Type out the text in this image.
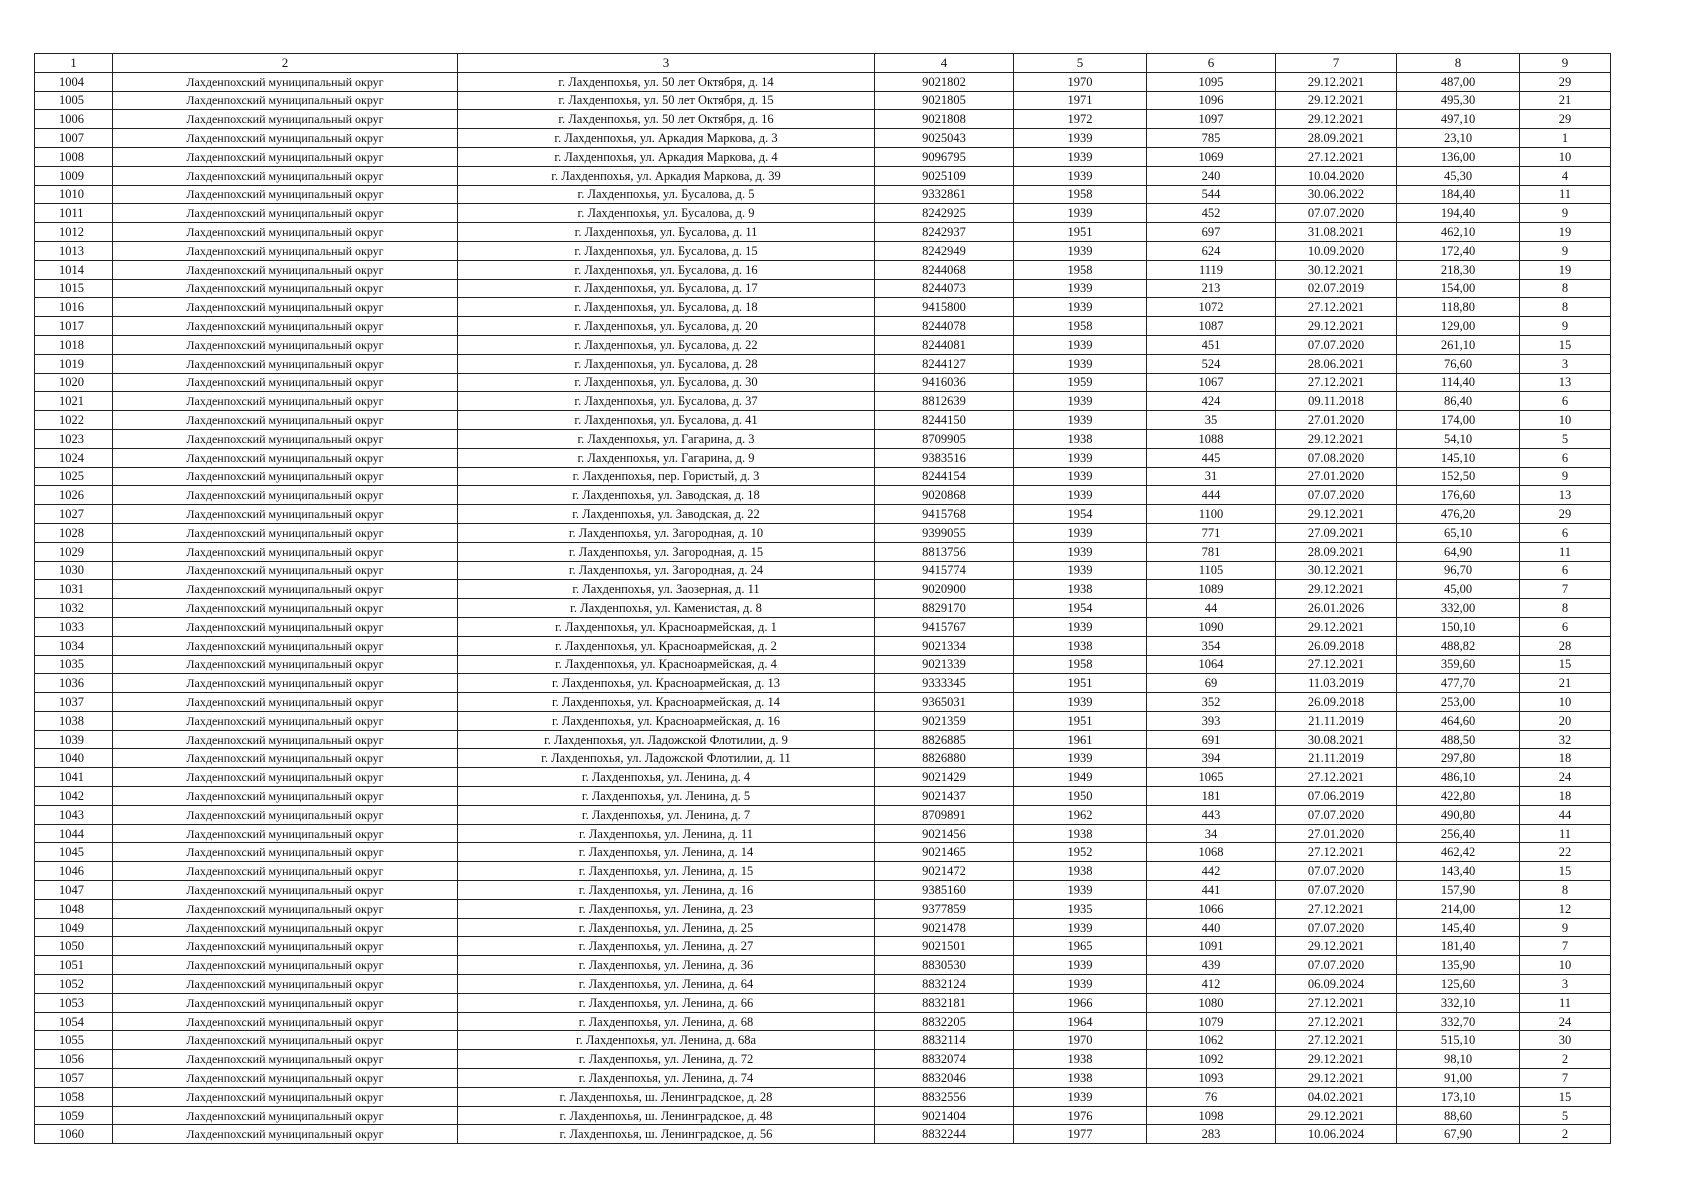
1	2	3	4	5	6	7	8	9
1004	Лахденпохский муниципальный округ	г. Лахденпохья, ул. 50 лет Октября, д. 14	9021802	1970	1095	29.12.2021	487,00	29
1005	Лахденпохский муниципальный округ	г. Лахденпохья, ул. 50 лет Октября, д. 15	9021805	1971	1096	29.12.2021	495,30	21
1006	Лахденпохский муниципальный округ	г. Лахденпохья, ул. 50 лет Октября, д. 16	9021808	1972	1097	29.12.2021	497,10	29
1007	Лахденпохский муниципальный округ	г. Лахденпохья, ул. Аркадия Маркова, д. 3	9025043	1939	785	28.09.2021	23,10	1
1008	Лахденпохский муниципальный округ	г. Лахденпохья, ул. Аркадия Маркова, д. 4	9096795	1939	1069	27.12.2021	136,00	10
1009	Лахденпохский муниципальный округ	г. Лахденпохья, ул. Аркадия Маркова, д. 39	9025109	1939	240	10.04.2020	45,30	4
1010	Лахденпохский муниципальный округ	г. Лахденпохья, ул. Бусалова, д. 5	9332861	1958	544	30.06.2022	184,40	11
1011	Лахденпохский муниципальный округ	г. Лахденпохья, ул. Бусалова, д. 9	8242925	1939	452	07.07.2020	194,40	9
1012	Лахденпохский муниципальный округ	г. Лахденпохья, ул. Бусалова, д. 11	8242937	1951	697	31.08.2021	462,10	19
1013	Лахденпохский муниципальный округ	г. Лахденпохья, ул. Бусалова, д. 15	8242949	1939	624	10.09.2020	172,40	9
1014	Лахденпохский муниципальный округ	г. Лахденпохья, ул. Бусалова, д. 16	8244068	1958	1119	30.12.2021	218,30	19
1015	Лахденпохский муниципальный округ	г. Лахденпохья, ул. Бусалова, д. 17	8244073	1939	213	02.07.2019	154,00	8
1016	Лахденпохский муниципальный округ	г. Лахденпохья, ул. Бусалова, д. 18	9415800	1939	1072	27.12.2021	118,80	8
1017	Лахденпохский муниципальный округ	г. Лахденпохья, ул. Бусалова, д. 20	8244078	1958	1087	29.12.2021	129,00	9
1018	Лахденпохский муниципальный округ	г. Лахденпохья, ул. Бусалова, д. 22	8244081	1939	451	07.07.2020	261,10	15
1019	Лахденпохский муниципальный округ	г. Лахденпохья, ул. Бусалова, д. 28	8244127	1939	524	28.06.2021	76,60	3
1020	Лахденпохский муниципальный округ	г. Лахденпохья, ул. Бусалова, д. 30	9416036	1959	1067	27.12.2021	114,40	13
1021	Лахденпохский муниципальный округ	г. Лахденпохья, ул. Бусалова, д. 37	8812639	1939	424	09.11.2018	86,40	6
1022	Лахденпохский муниципальный округ	г. Лахденпохья, ул. Бусалова, д. 41	8244150	1939	35	27.01.2020	174,00	10
1023	Лахденпохский муниципальный округ	г. Лахденпохья, ул. Гагарина, д. 3	8709905	1938	1088	29.12.2021	54,10	5
1024	Лахденпохский муниципальный округ	г. Лахденпохья, ул. Гагарина, д. 9	9383516	1939	445	07.08.2020	145,10	6
1025	Лахденпохский муниципальный округ	г. Лахденпохья, пер. Гористый, д. 3	8244154	1939	31	27.01.2020	152,50	9
1026	Лахденпохский муниципальный округ	г. Лахденпохья, ул. Заводская, д. 18	9020868	1939	444	07.07.2020	176,60	13
1027	Лахденпохский муниципальный округ	г. Лахденпохья, ул. Заводская, д. 22	9415768	1954	1100	29.12.2021	476,20	29
1028	Лахденпохский муниципальный округ	г. Лахденпохья, ул. Загородная, д. 10	9399055	1939	771	27.09.2021	65,10	6
1029	Лахденпохский муниципальный округ	г. Лахденпохья, ул. Загородная, д. 15	8813756	1939	781	28.09.2021	64,90	11
1030	Лахденпохский муниципальный округ	г. Лахденпохья, ул. Загородная, д. 24	9415774	1939	1105	30.12.2021	96,70	6
1031	Лахденпохский муниципальный округ	г. Лахденпохья, ул. Заозерная, д. 11	9020900	1938	1089	29.12.2021	45,00	7
1032	Лахденпохский муниципальный округ	г. Лахденпохья, ул. Каменистая, д. 8	8829170	1954	44	26.01.2026	332,00	8
1033	Лахденпохский муниципальный округ	г. Лахденпохья, ул. Красноармейская, д. 1	9415767	1939	1090	29.12.2021	150,10	6
1034	Лахденпохский муниципальный округ	г. Лахденпохья, ул. Красноармейская, д. 2	9021334	1938	354	26.09.2018	488,82	28
1035	Лахденпохский муниципальный округ	г. Лахденпохья, ул. Красноармейская, д. 4	9021339	1958	1064	27.12.2021	359,60	15
1036	Лахденпохский муниципальный округ	г. Лахденпохья, ул. Красноармейская, д. 13	9333345	1951	69	11.03.2019	477,70	21
1037	Лахденпохский муниципальный округ	г. Лахденпохья, ул. Красноармейская, д. 14	9365031	1939	352	26.09.2018	253,00	10
1038	Лахденпохский муниципальный округ	г. Лахденпохья, ул. Красноармейская, д. 16	9021359	1951	393	21.11.2019	464,60	20
1039	Лахденпохский муниципальный округ	г. Лахденпохья, ул. Ладожской Флотилии, д. 9	8826885	1961	691	30.08.2021	488,50	32
1040	Лахденпохский муниципальный округ	г. Лахденпохья, ул. Ладожской Флотилии, д. 11	8826880	1939	394	21.11.2019	297,80	18
1041	Лахденпохский муниципальный округ	г. Лахденпохья, ул. Ленина, д. 4	9021429	1949	1065	27.12.2021	486,10	24
1042	Лахденпохский муниципальный округ	г. Лахденпохья, ул. Ленина, д. 5	9021437	1950	181	07.06.2019	422,80	18
1043	Лахденпохский муниципальный округ	г. Лахденпохья, ул. Ленина, д. 7	8709891	1962	443	07.07.2020	490,80	44
1044	Лахденпохский муниципальный округ	г. Лахденпохья, ул. Ленина, д. 11	9021456	1938	34	27.01.2020	256,40	11
1045	Лахденпохский муниципальный округ	г. Лахденпохья, ул. Ленина, д. 14	9021465	1952	1068	27.12.2021	462,42	22
1046	Лахденпохский муниципальный округ	г. Лахденпохья, ул. Ленина, д. 15	9021472	1938	442	07.07.2020	143,40	15
1047	Лахденпохский муниципальный округ	г. Лахденпохья, ул. Ленина, д. 16	9385160	1939	441	07.07.2020	157,90	8
1048	Лахденпохский муниципальный округ	г. Лахденпохья, ул. Ленина, д. 23	9377859	1935	1066	27.12.2021	214,00	12
1049	Лахденпохский муниципальный округ	г. Лахденпохья, ул. Ленина, д. 25	9021478	1939	440	07.07.2020	145,40	9
1050	Лахденпохский муниципальный округ	г. Лахденпохья, ул. Ленина, д. 27	9021501	1965	1091	29.12.2021	181,40	7
1051	Лахденпохский муниципальный округ	г. Лахденпохья, ул. Ленина, д. 36	8830530	1939	439	07.07.2020	135,90	10
1052	Лахденпохский муниципальный округ	г. Лахденпохья, ул. Ленина, д. 64	8832124	1939	412	06.09.2024	125,60	3
1053	Лахденпохский муниципальный округ	г. Лахденпохья, ул. Ленина, д. 66	8832181	1966	1080	27.12.2021	332,10	11
1054	Лахденпохский муниципальный округ	г. Лахденпохья, ул. Ленина, д. 68	8832205	1964	1079	27.12.2021	332,70	24
1055	Лахденпохский муниципальный округ	г. Лахденпохья, ул. Ленина, д. 68а	8832114	1970	1062	27.12.2021	515,10	30
1056	Лахденпохский муниципальный округ	г. Лахденпохья, ул. Ленина, д. 72	8832074	1938	1092	29.12.2021	98,10	2
1057	Лахденпохский муниципальный округ	г. Лахденпохья, ул. Ленина, д. 74	8832046	1938	1093	29.12.2021	91,00	7
1058	Лахденпохский муниципальный округ	г. Лахденпохья, ш. Ленинградское, д. 28	8832556	1939	76	04.02.2021	173,10	15
1059	Лахденпохский муниципальный округ	г. Лахденпохья, ш. Ленинградское, д. 48	9021404	1976	1098	29.12.2021	88,60	5
1060	Лахденпохский муниципальный округ	г. Лахденпохья, ш. Ленинградское, д. 56	8832244	1977	283	10.06.2024	67,90	2
